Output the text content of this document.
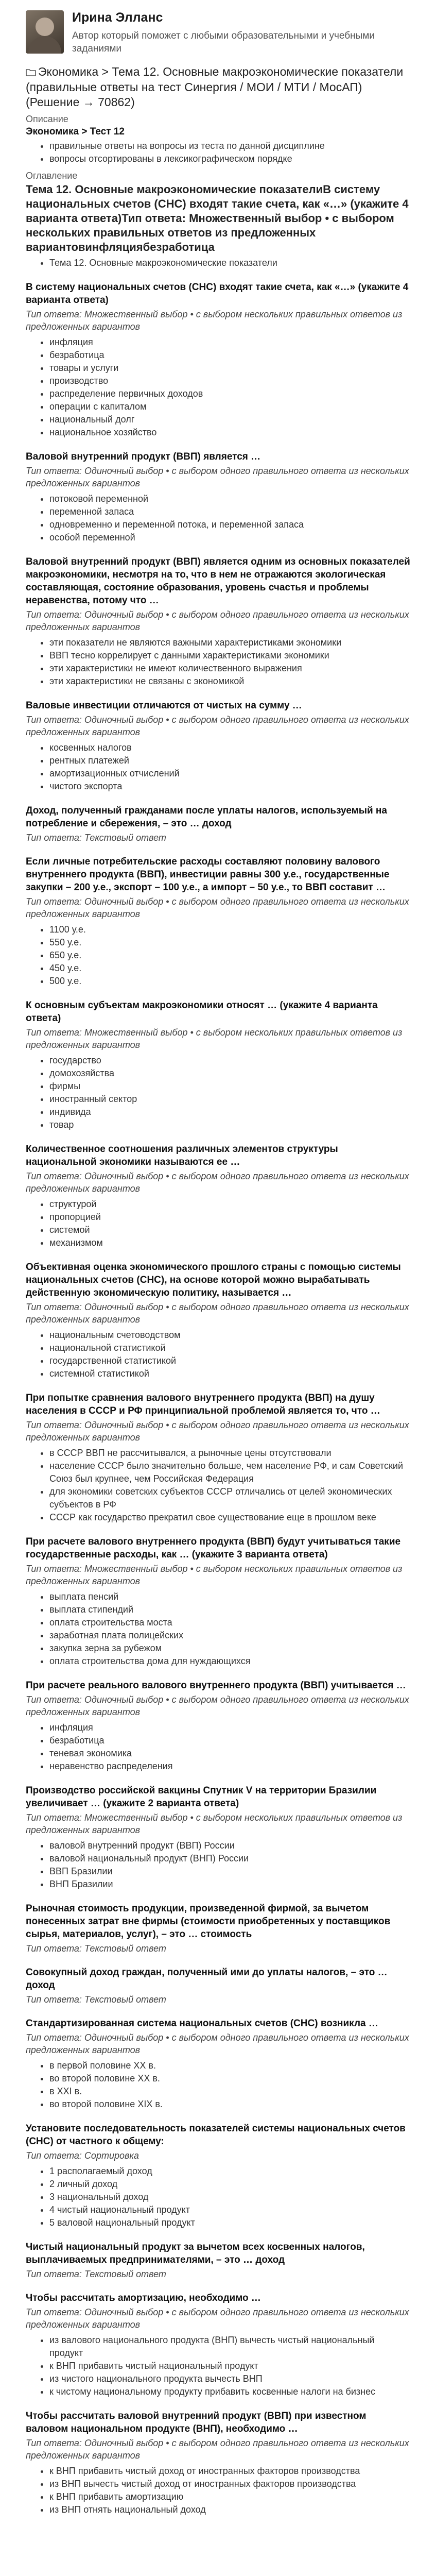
Ирина Элланс
Автор который поможет с любыми образовательными и учебными заданиями
Экономика > Тема 12. Основные макроэкономические показатели (правильные ответы на тест Синергия / МОИ / МТИ / МосАП) (Решение → 70862)
Описание
Экономика > Тест 12
• правильные ответы на вопросы из теста по данной дисциплине
• вопросы отсортированы в лексикографическом порядке
Оглавление
Тема 12. Основные макроэкономические показателиВ систему национальных счетов (СНС) входят такие счета, как «…» (укажите 4 варианта ответа)Тип ответа: Множественный выбор • с выбором нескольких правильных ответов из предложенных вариантовинфляциябезработица
• Тема 12. Основные макроэкономические показатели
В систему национальных счетов (СНС) входят такие счета, как «…» (укажите 4 варианта ответа)
Тип ответа: Множественный выбор • с выбором нескольких правильных ответов из предложенных вариантов
• инфляция
• безработица
• товары и услуги
• производство
• распределение первичных доходов
• операции с капиталом
• национальный долг
• национальное хозяйство
Валовой внутренний продукт (ВВП) является …
Тип ответа: Одиночный выбор • с выбором одного правильного ответа из нескольких предложенных вариантов
• потоковой переменной
• переменной запаса
• одновременно и переменной потока, и переменной запаса
• особой переменной
Валовой внутренний продукт (ВВП) является одним из основных показателей макроэкономики, несмотря на то, что в нем не отражаются экологическая составляющая, состояние образования, уровень счастья и проблемы неравенства, потому что …
Тип ответа: Одиночный выбор • с выбором одного правильного ответа из нескольких предложенных вариантов
• эти показатели не являются важными характеристиками экономики
• ВВП тесно коррелирует с данными характеристиками экономики
• эти характеристики не имеют количественного выражения
• эти характеристики не связаны с экономикой
Валовые инвестиции отличаются от чистых на сумму …
Тип ответа: Одиночный выбор • с выбором одного правильного ответа из нескольких предложенных вариантов
• косвенных налогов
• рентных платежей
• амортизационных отчислений
• чистого экспорта
Доход, полученный гражданами после уплаты налогов, используемый на потребление и сбережения, – это … доход
Тип ответа: Текстовый ответ
Если личные потребительские расходы составляют половину валового внутреннего продукта (ВВП), инвестиции равны 300 у.е., государственные закупки – 200 у.е., экспорт – 100 у.е., а импорт – 50 у.е., то ВВП составит …
Тип ответа: Одиночный выбор • с выбором одного правильного ответа из нескольких предложенных вариантов
• 1100 у.е.
• 550 у.е.
• 650 у.е.
• 450 у.е.
• 500 у.е.
К основным субъектам макроэкономики относят … (укажите 4 варианта ответа)
Тип ответа: Множественный выбор • с выбором нескольких правильных ответов из предложенных вариантов
• государство
• домохозяйства
• фирмы
• иностранный сектор
• индивида
• товар
Количественное соотношения различных элементов структуры национальной экономики называются ее …
Тип ответа: Одиночный выбор • с выбором одного правильного ответа из нескольких предложенных вариантов
• структурой
• пропорцией
• системой
• механизмом
Объективная оценка экономического прошлого страны с помощью системы национальных счетов (СНС), на основе которой можно вырабатывать действенную экономическую политику, называется …
Тип ответа: Одиночный выбор • с выбором одного правильного ответа из нескольких предложенных вариантов
• национальным счетоводством
• национальной статистикой
• государственной статистикой
• системной статистикой
При попытке сравнения валового внутреннего продукта (ВВП) на душу населения в СССР и РФ принципиальной проблемой является то, что …
Тип ответа: Одиночный выбор • с выбором одного правильного ответа из нескольких предложенных вариантов
• в СССР ВВП не рассчитывался, а рыночные цены отсутствовали
• население СССР было значительно больше, чем население РФ, и сам Советский Союз был крупнее, чем Российская Федерация
• для экономики советских субъектов СССР отличались от целей экономических субъектов в РФ
• СССР как государство прекратил свое существование еще в прошлом веке
При расчете валового внутреннего продукта (ВВП) будут учитываться такие государственные расходы, как … (укажите 3 варианта ответа)
Тип ответа: Множественный выбор • с выбором нескольких правильных ответов из предложенных вариантов
• выплата пенсий
• выплата стипендий
• оплата строительства моста
• заработная плата полицейских
• закупка зерна за рубежом
• оплата строительства дома для нуждающихся
При расчете реального валового внутреннего продукта (ВВП) учитывается …
Тип ответа: Одиночный выбор • с выбором одного правильного ответа из нескольких предложенных вариантов
• инфляция
• безработица
• теневая экономика
• неравенство распределения
Производство российской вакцины Спутник V на территории Бразилии увеличивает … (укажите 2 варианта ответа)
Тип ответа: Множественный выбор • с выбором нескольких правильных ответов из предложенных вариантов
• валовой внутренний продукт (ВВП) России
• валовой национальный продукт (ВНП) России
• ВВП Бразилии
• ВНП Бразилии
Рыночная стоимость продукции, произведенной фирмой, за вычетом понесенных затрат вне фирмы (стоимости приобретенных у поставщиков сырья, материалов, услуг), – это … стоимость
Тип ответа: Текстовый ответ
Совокупный доход граждан, полученный ими до уплаты налогов, – это … доход
Тип ответа: Текстовый ответ
Стандартизированная система национальных счетов (СНС) возникла …
Тип ответа: Одиночный выбор • с выбором одного правильного ответа из нескольких предложенных вариантов
• в первой половине XX в.
• во второй половине XX в.
• в XXI в.
• во второй половине XIX в.
Установите последовательность показателей системы национальных счетов (СНС) от частного к общему:
Тип ответа: Сортировка
• 1 располагаемый доход
• 2 личный доход
• 3 национальный доход
• 4 чистый национальный продукт
• 5 валовой национальный продукт
Чистый национальный продукт за вычетом всех косвенных налогов, выплачиваемых предпринимателями, – это … доход
Тип ответа: Текстовый ответ
Чтобы рассчитать амортизацию, необходимо …
Тип ответа: Одиночный выбор • с выбором одного правильного ответа из нескольких предложенных вариантов
• из валового национального продукта (ВНП) вычесть чистый национальный продукт
• к ВНП прибавить чистый национальный продукт
• из чистого национального продукта вычесть ВНП
• к чистому национальному продукту прибавить косвенные налоги на бизнес
Чтобы рассчитать валовой внутренний продукт (ВВП) при известном валовом национальном продукте (ВНП), необходимо …
Тип ответа: Одиночный выбор • с выбором одного правильного ответа из нескольких предложенных вариантов
• к ВНП прибавить чистый доход от иностранных факторов производства
• из ВНП вычесть чистый доход от иностранных факторов производства
• к ВНП прибавить амортизацию
• из ВНП отнять национальный доход
